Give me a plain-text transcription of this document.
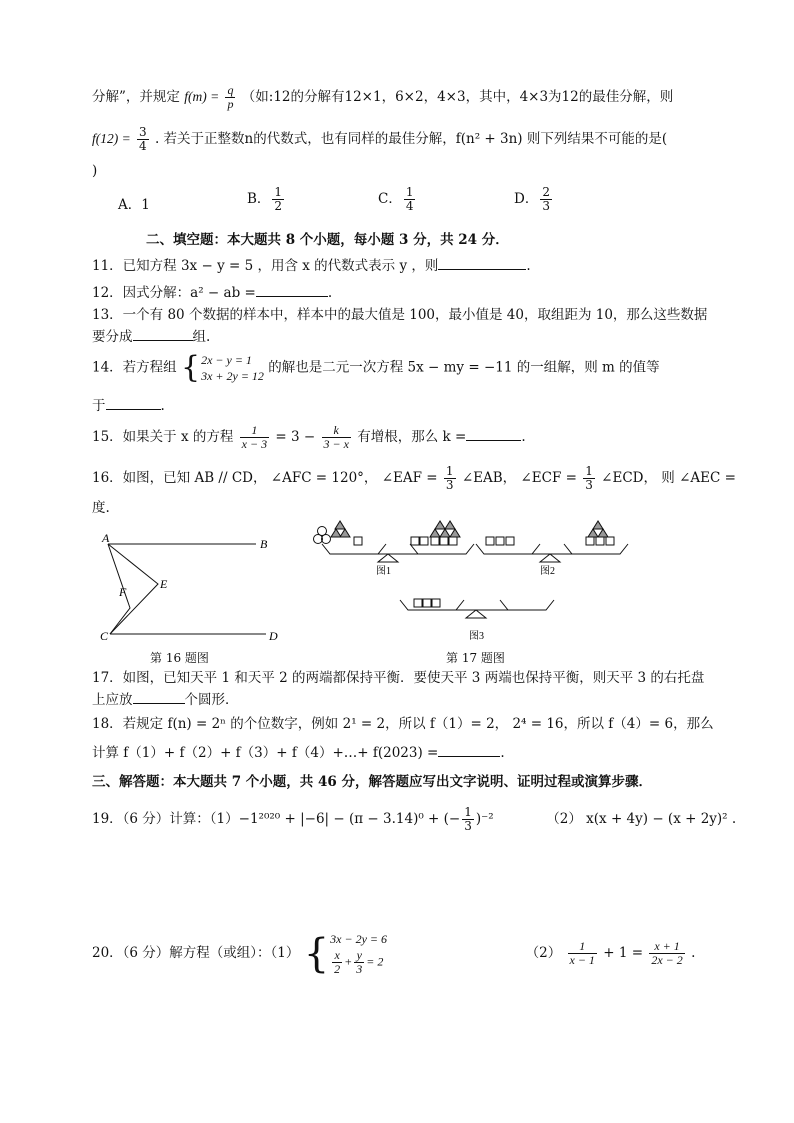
分解”，并规定 $f(m) = \frac{q}{p}$ （如:12的分解有12×1，6×2，4×3，其中，4×3为12的最佳分解，则
$f(12) = \frac{3}{4}$ . 若关于正整数n的代数式，也有同样的最佳分解，f(n² + 3n) 则下列结果不可能的是(
)
A．1	B． $\frac{1}{2}$	C． $\frac{1}{4}$	D． $\frac{2}{3}$
二、填空题：本大题共 8 个小题，每小题 3 分，共 24 分．
11．已知方程 3x − y = 5 ，用含 x 的代数式表示 y ，则	.
12．因式分解：a² − ab =	.
13．一个有 80 个数据的样本中，样本中的最大值是 100，最小值是 40，取组距为 10，那么这些数据
要分成	组.
14．若方程组 { 2x − y = 1
3x + 2y = 12
的解也是二元一次方程 5x − my = −11 的一组解，则 m 的值等
于	.
15．如果关于 x 的方程 $\frac{1}{x - 3} = 3 - \frac{k}{3 - x}$ 有增根，那么 k =	.
16．如图，已知 AB // CD， ∠AFC = 120°， ∠EAF = $\frac{1}{3}$ ∠EAB， ∠ECF = $\frac{1}{3}$ ∠ECD， 则 ∠AEC =
度.
A	B
C	D
E
F
第 16 题图
图1	图2
图3
第 17 题图
17．如图，已知天平 1 和天平 2 的两端都保持平衡．要使天平 3 两端也保持平衡，则天平 3 的右托盘
上应放	个圆形．
18．若规定 f(n) = 2ⁿ 的个位数字，例如 2¹ = 2，所以 f（1）= 2， 2⁴ = 16，所以 f（4）= 6，那么
计算 f（1）+ f（2）+ f（3）+ f（4）+…+ f(2023) =	.
三、解答题：本大题共 7 个小题，共 46 分，解答题应写出文字说明、证明过程或演算步骤．
19．（6 分）计算：（1）−1²⁰²⁰ + |−6| − (π − 3.14)⁰ + (− $\frac{1}{3} )^{-2}$	（2） x(x + 4y) − (x + 2y)² .
20．（6 分）解方程（或组）：（1） { 3x − 2y = 6
$\frac{x}{2} + \frac{y}{3} = 2$
$(2) \frac{1}{x - 1} + 1 = \frac{x + 1}{2x - 2}$ .
